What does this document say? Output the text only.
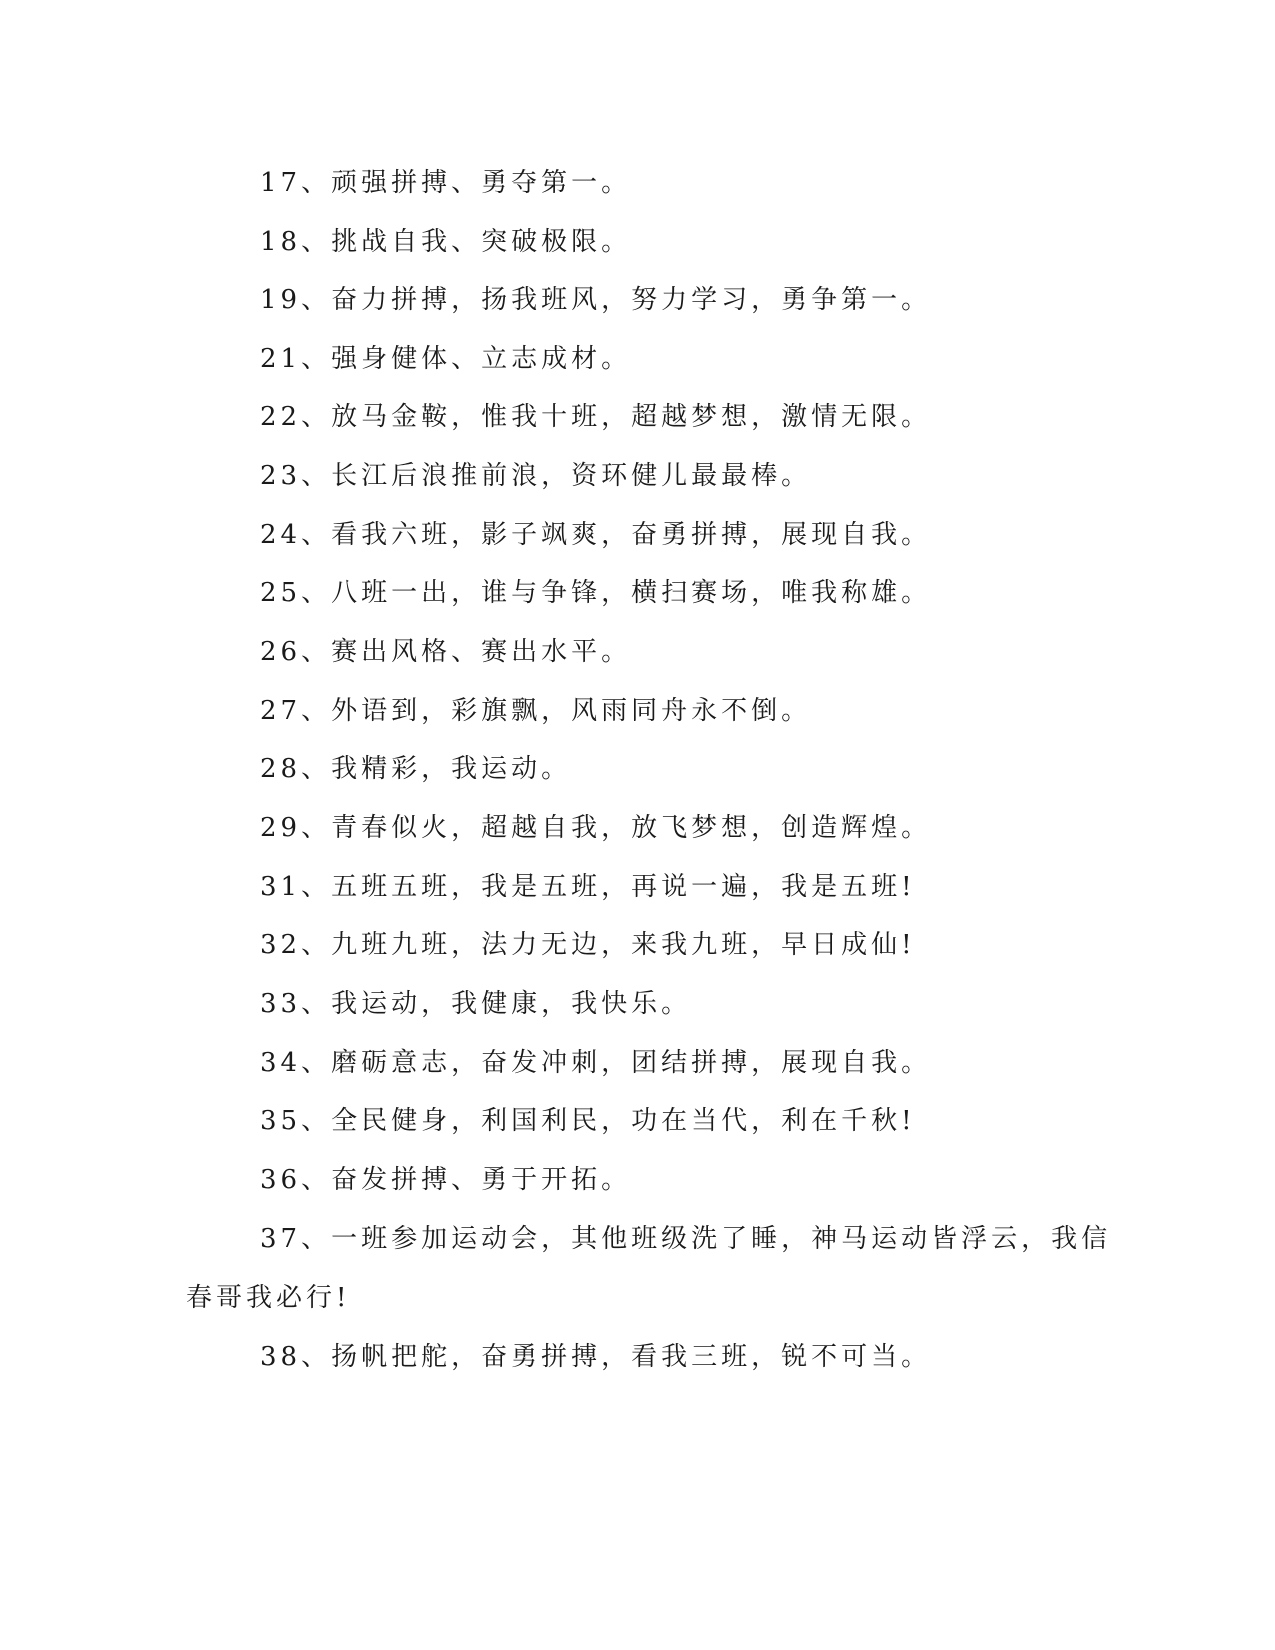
17、顽强拼搏、勇夺第一。
18、挑战自我、突破极限。
19、奋力拼搏，扬我班风，努力学习，勇争第一。
21、强身健体、立志成材。
22、放马金鞍，惟我十班，超越梦想，激情无限。
23、长江后浪推前浪，资环健儿最最棒。
24、看我六班，影子飒爽，奋勇拼搏，展现自我。
25、八班一出，谁与争锋，横扫赛场，唯我称雄。
26、赛出风格、赛出水平。
27、外语到，彩旗飘，风雨同舟永不倒。
28、我精彩，我运动。
29、青春似火，超越自我，放飞梦想，创造辉煌。
31、五班五班，我是五班，再说一遍，我是五班!
32、九班九班，法力无边，来我九班，早日成仙!
33、我运动，我健康，我快乐。
34、磨砺意志，奋发冲刺，团结拼搏，展现自我。
35、全民健身，利国利民，功在当代，利在千秋!
36、奋发拼搏、勇于开拓。
37、一班参加运动会，其他班级洗了睡，神马运动皆浮云，我信
春哥我必行!
38、扬帆把舵，奋勇拼搏，看我三班，锐不可当。
